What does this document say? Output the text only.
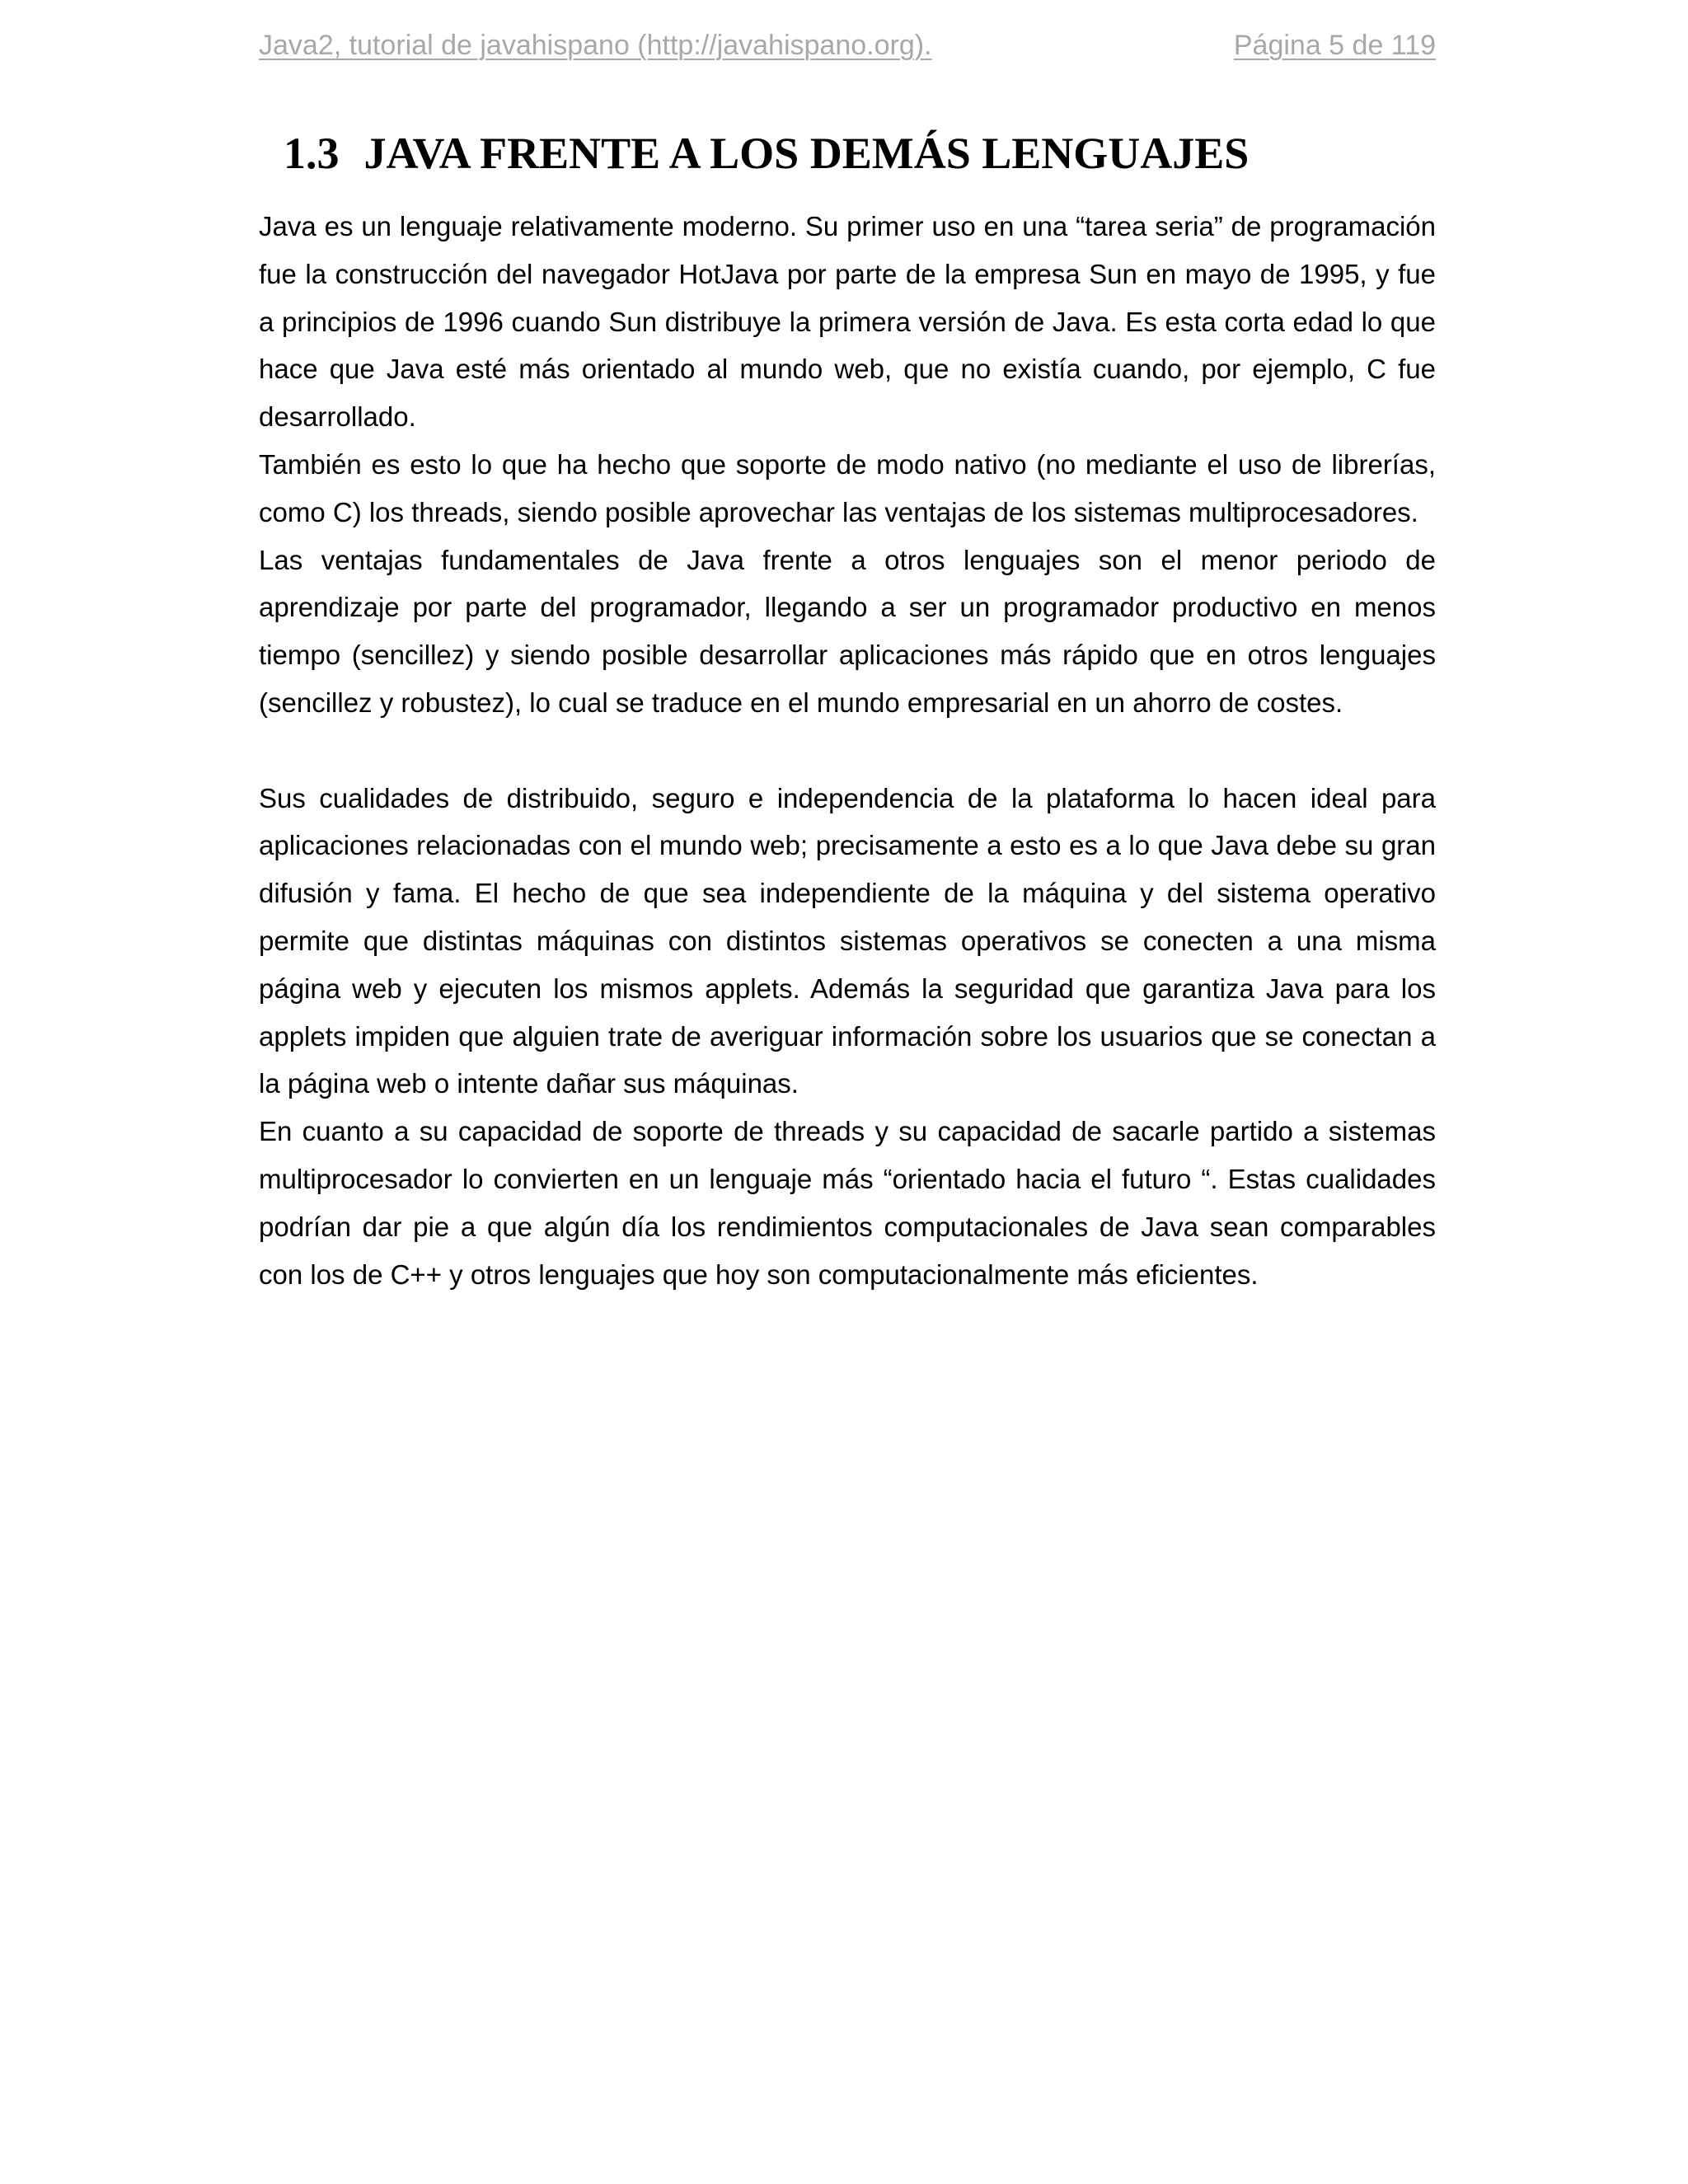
Java2, tutorial de javahispano (http://javahispano.org).	Página 5 de 119
1.3 JAVA FRENTE A LOS DEMÁS LENGUAJES

Java es un lenguaje relativamente moderno. Su primer uso en una “tarea seria” de programación fue la construcción del navegador HotJava por parte de la empresa Sun en mayo de 1995, y fue a principios de 1996 cuando Sun distribuye la primera versión de Java. Es esta corta edad lo que hace que Java esté más orientado al mundo web, que no existía cuando, por ejemplo, C fue desarrollado.

También es esto lo que ha hecho que soporte de modo nativo (no mediante el uso de librerías, como C) los threads, siendo posible aprovechar las ventajas de los sistemas multiprocesadores.

Las ventajas fundamentales de Java frente a otros lenguajes son el menor periodo de aprendizaje por parte del programador, llegando a ser un programador productivo en menos tiempo (sencillez) y siendo posible desarrollar aplicaciones más rápido que en otros lenguajes (sencillez y robustez), lo cual se traduce en el mundo empresarial en un ahorro de costes.

Sus cualidades de distribuido, seguro e independencia de la plataforma lo hacen ideal para aplicaciones relacionadas con el mundo web; precisamente a esto es a lo que Java debe su gran difusión y fama. El hecho de que sea independiente de la máquina y del sistema operativo permite que distintas máquinas con distintos sistemas operativos se conecten a una misma página web y ejecuten los mismos applets. Además la seguridad que garantiza Java para los applets impiden que alguien trate de averiguar información sobre los usuarios que se conectan a la página web o intente dañar sus máquinas.

En cuanto a su capacidad de soporte de threads y su capacidad de sacarle partido a sistemas multiprocesador lo convierten en un lenguaje más “orientado hacia el futuro “. Estas cualidades podrían dar pie a que algún día los rendimientos computacionales de Java sean comparables con los de C++ y otros lenguajes que hoy son computacionalmente más eficientes.
